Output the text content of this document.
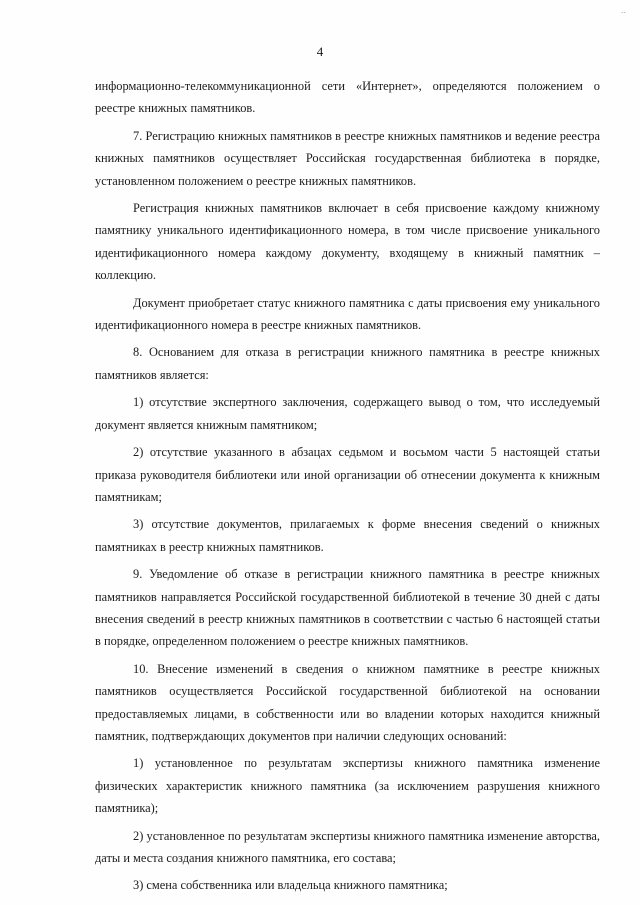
..
4

информационно-телекоммуникационной сети «Интернет», определяются положением о реестре книжных памятников.

7. Регистрацию книжных памятников в реестре книжных памятников и ведение реестра книжных памятников осуществляет Российская государственная библиотека в порядке, установленном положением о реестре книжных памятников.

Регистрация книжных памятников включает в себя присвоение каждому книжному памятнику уникального идентификационного номера, в том числе присвоение уникального идентификационного номера каждому документу, входящему в книжный памятник – коллекцию.

Документ приобретает статус книжного памятника с даты присвоения ему уникального идентификационного номера в реестре книжных памятников.

8. Основанием для отказа в регистрации книжного памятника в реестре книжных памятников является:

1) отсутствие экспертного заключения, содержащего вывод о том, что исследуемый документ является книжным памятником;

2) отсутствие указанного в абзацах седьмом и восьмом части 5 настоящей статьи приказа руководителя библиотеки или иной организации об отнесении документа к книжным памятникам;

3) отсутствие документов, прилагаемых к форме внесения сведений о книжных памятниках в реестр книжных памятников.

9. Уведомление об отказе в регистрации книжного памятника в реестре книжных памятников направляется Российской государственной библиотекой в течение 30 дней с даты внесения сведений в реестр книжных памятников в соответствии с частью 6 настоящей статьи в порядке, определенном положением о реестре книжных памятников.

10. Внесение изменений в сведения о книжном памятнике в реестре книжных памятников осуществляется Российской государственной библиотекой на основании предоставляемых лицами, в собственности или во владении которых находится книжный памятник, подтверждающих документов при наличии следующих оснований:

1) установленное по результатам экспертизы книжного памятника изменение физических характеристик книжного памятника (за исключением разрушения книжного памятника);

2) установленное по результатам экспертизы книжного памятника изменение авторства, даты и места создания книжного памятника, его состава;

3) смена собственника или владельца книжного памятника;
